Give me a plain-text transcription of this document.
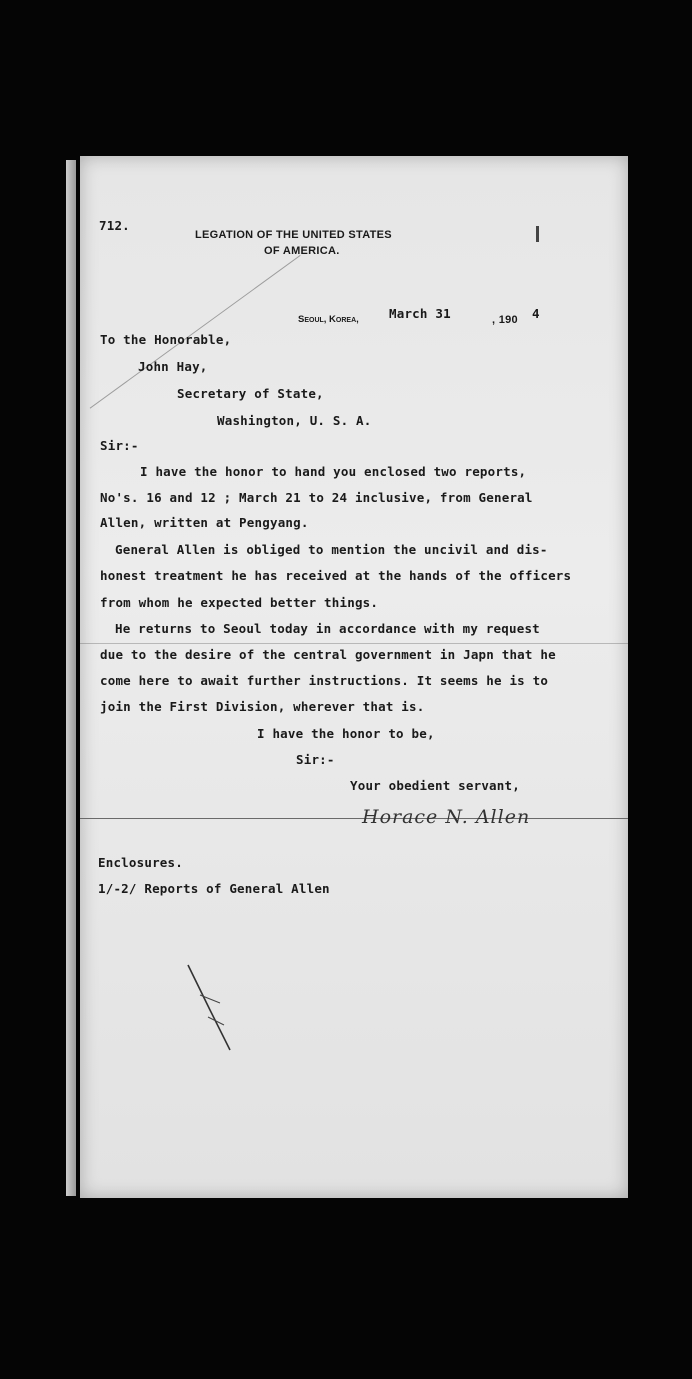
712.
LEGATION OF THE UNITED STATES
OF AMERICA.
Seoul, Korea, March 31	, 190 4
To the Honorable,
John Hay,
Secretary of State,
Washington, U. S. A.
Sir:-
I have the honor to hand you enclosed two reports,
No's. 16 and 12 ; March 21 to 24 inclusive, from General
Allen, written at Pengyang.
General Allen is obliged to mention the uncivil and dis-
honest treatment he has received at the hands of the officers
from whom he expected better things.
He returns to Seoul today in accordance with my request
due to the desire of the central government in Japn that he
come here to await further instructions. It seems he is to
join the First Division, wherever that is.
I have the honor to be,
Sir:-
Your obedient servant,
Horace N. Allen
Enclosures.
1/-2/ Reports of General Allen
